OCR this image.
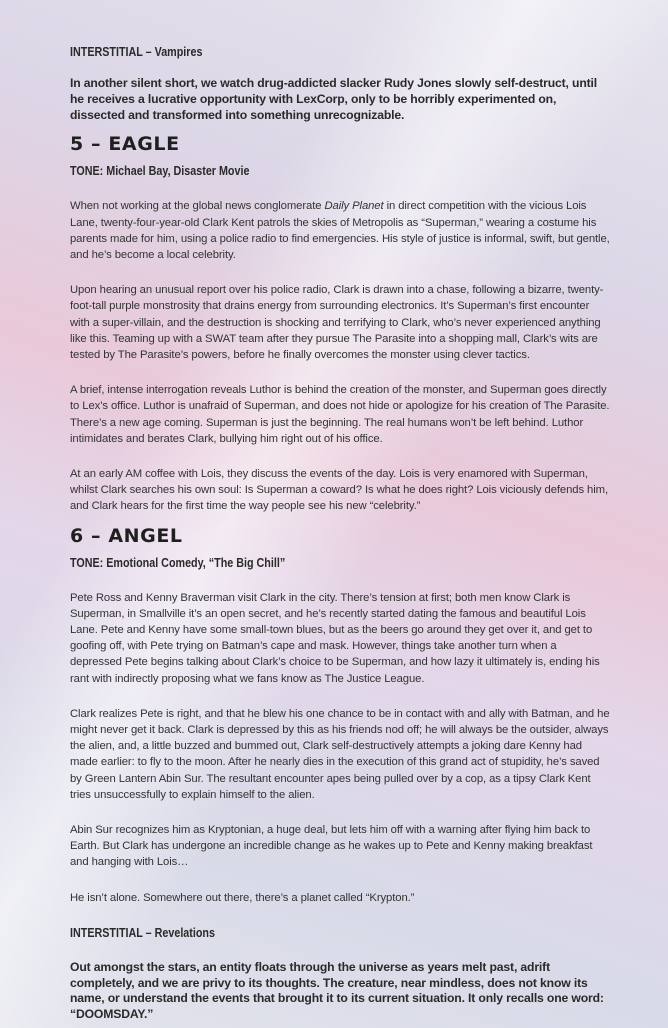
INTERSTITIAL – Vampires

In another silent short, we watch drug-addicted slacker Rudy Jones slowly self-destruct, until he receives a lucrative opportunity with LexCorp, only to be horribly experimented on, dissected and transformed into something unrecognizable.

5 – EAGLE

TONE: Michael Bay, Disaster Movie

When not working at the global news conglomerate Daily Planet in direct competition with the vicious Lois Lane, twenty-four-year-old Clark Kent patrols the skies of Metropolis as “Superman,” wearing a costume his parents made for him, using a police radio to find emergencies. His style of justice is informal, swift, but gentle, and he’s become a local celebrity.

Upon hearing an unusual report over his police radio, Clark is drawn into a chase, following a bizarre, twenty-foot-tall purple monstrosity that drains energy from surrounding electronics. It’s Superman’s first encounter with a super-villain, and the destruction is shocking and terrifying to Clark, who’s never experienced anything like this. Teaming up with a SWAT team after they pursue The Parasite into a shopping mall, Clark’s wits are tested by The Parasite’s powers, before he finally overcomes the monster using clever tactics.

A brief, intense interrogation reveals Luthor is behind the creation of the monster, and Superman goes directly to Lex’s office. Luthor is unafraid of Superman, and does not hide or apologize for his creation of The Parasite. There’s a new age coming. Superman is just the beginning. The real humans won’t be left behind. Luthor intimidates and berates Clark, bullying him right out of his office.

At an early AM coffee with Lois, they discuss the events of the day. Lois is very enamored with Superman, whilst Clark searches his own soul: Is Superman a coward? Is what he does right? Lois viciously defends him, and Clark hears for the first time the way people see his new “celebrity.”

6 – ANGEL

TONE: Emotional Comedy, “The Big Chill”

Pete Ross and Kenny Braverman visit Clark in the city. There’s tension at first; both men know Clark is Superman, in Smallville it’s an open secret, and he’s recently started dating the famous and beautiful Lois Lane. Pete and Kenny have some small-town blues, but as the beers go around they get over it, and get to goofing off, with Pete trying on Batman’s cape and mask. However, things take another turn when a depressed Pete begins talking about Clark’s choice to be Superman, and how lazy it ultimately is, ending his rant with indirectly proposing what we fans know as The Justice League.

Clark realizes Pete is right, and that he blew his one chance to be in contact with and ally with Batman, and he might never get it back. Clark is depressed by this as his friends nod off; he will always be the outsider, always the alien, and, a little buzzed and bummed out, Clark self-destructively attempts a joking dare Kenny had made earlier: to fly to the moon. After he nearly dies in the execution of this grand act of stupidity, he’s saved by Green Lantern Abin Sur. The resultant encounter apes being pulled over by a cop, as a tipsy Clark Kent tries unsuccessfully to explain himself to the alien.

Abin Sur recognizes him as Kryptonian, a huge deal, but lets him off with a warning after flying him back to Earth. But Clark has undergone an incredible change as he wakes up to Pete and Kenny making breakfast and hanging with Lois…

He isn’t alone. Somewhere out there, there’s a planet called “Krypton.”

INTERSTITIAL – Revelations

Out amongst the stars, an entity floats through the universe as years melt past, adrift completely, and we are privy to its thoughts. The creature, near mindless, does not know its name, or understand the events that brought it to its current situation. It only recalls one word: “DOOMSDAY.”
